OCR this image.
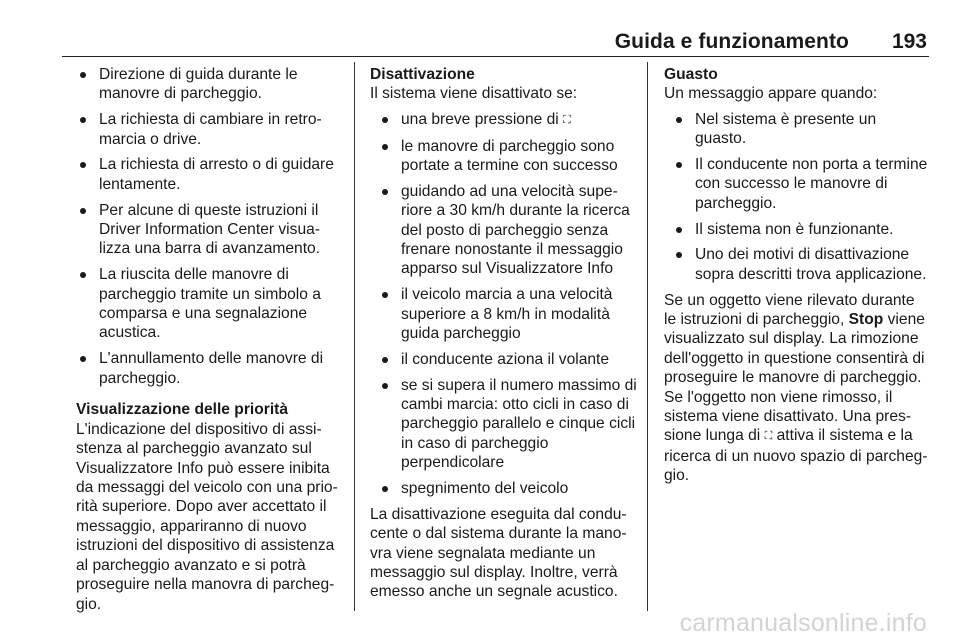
Guida e funzionamento 193
Direzione di guida durante le manovre di parcheggio.
La richiesta di cambiare in retromarcia o drive.
La richiesta di arresto o di guidare lentamente.
Per alcune di queste istruzioni il Driver Information Center visualizza una barra di avanzamento.
La riuscita delle manovre di parcheggio tramite un simbolo a comparsa e una segnalazione acustica.
L'annullamento delle manovre di parcheggio.

Visualizzazione delle priorità

L'indicazione del dispositivo di assistenza al parcheggio avanzato sul Visualizzatore Info può essere inibita da messaggi del veicolo con una priorità superiore. Dopo aver accettato il messaggio, appariranno di nuovo istruzioni del dispositivo di assistenza al parcheggio avanzato e si potrà proseguire nella manovra di parcheggio.

Disattivazione

Il sistema viene disattivato se:

una breve pressione di ⛶
le manovre di parcheggio sono portate a termine con successo
guidando ad una velocità superiore a 30 km/h durante la ricerca del posto di parcheggio senza frenare nonostante il messaggio apparso sul Visualizzatore Info
il veicolo marcia a una velocità superiore a 8 km/h in modalità guida parcheggio
il conducente aziona il volante
se si supera il numero massimo di cambi marcia: otto cicli in caso di parcheggio parallelo e cinque cicli in caso di parcheggio perpendicolare
spegnimento del veicolo

La disattivazione eseguita dal conducente o dal sistema durante la manovra viene segnalata mediante un messaggio sul display. Inoltre, verrà emesso anche un segnale acustico.

Guasto

Un messaggio appare quando:

Nel sistema è presente un guasto.
Il conducente non porta a termine con successo le manovre di parcheggio.
Il sistema non è funzionante.
Uno dei motivi di disattivazione sopra descritti trova applicazione.

Se un oggetto viene rilevato durante le istruzioni di parcheggio, Stop viene visualizzato sul display. La rimozione dell'oggetto in questione consentirà di proseguire le manovre di parcheggio. Se l'oggetto non viene rimosso, il sistema viene disattivato. Una pressione lunga di ⛶ attiva il sistema e la ricerca di un nuovo spazio di parcheggio.

carmanualsonline.info
